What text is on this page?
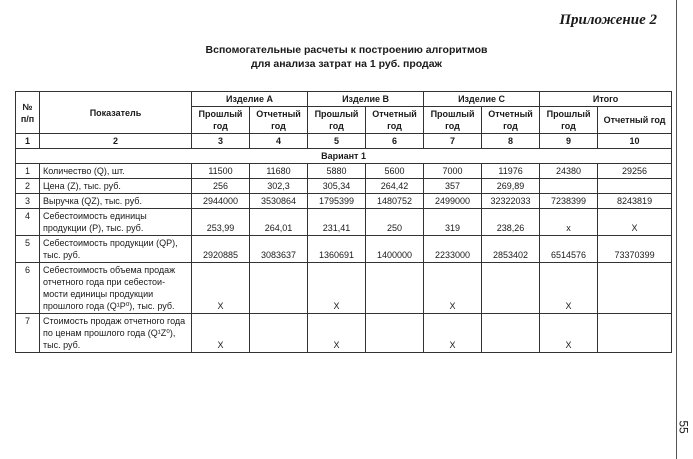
Приложение 2
55
Вспомогательные расчеты к построению алгоритмов
для анализа затрат на 1 руб. продаж
№ п/п	Показатель	Изделие А		Изделие В		Изделие С		Итого	
		Прошлый год	Отчетный год	Прошлый год	Отчетный год	Прошлый год	Отчетный год	Прошлый год	Отчетный год
1	2	3	4	5	6	7	8	9	10
Вариант 1									
1	Количество (Q), шт.	11500	11680	5880	5600	7000	11976	24380	29256
2	Цена (Z), тыс. руб.	256	302,3	305,34	264,42	357	269,89		
3	Выручка (QZ), тыс. руб.	2944000	3530864	1795399	1480752	2499000	32322033	7238399	8243819
4	Себестоимость единицы продукции (P), тыс. руб.	253,99	264,01	231,41	250	319	238,26	x	X
5	Себестоимость продукции (QP), тыс. руб.	2920885	3083637	1360691	1400000	2233000	2853402	6514576	73370399
6	Себестоимость объема продаж отчетного года при себестои-мости единицы продукции прошлого года (Q¹P⁰), тыс. руб.	X		X		X		X	
7	Стоимость продаж отчетного года по ценам прошлого года (Q¹Z⁰), тыс. руб.	X		X		X		X	
